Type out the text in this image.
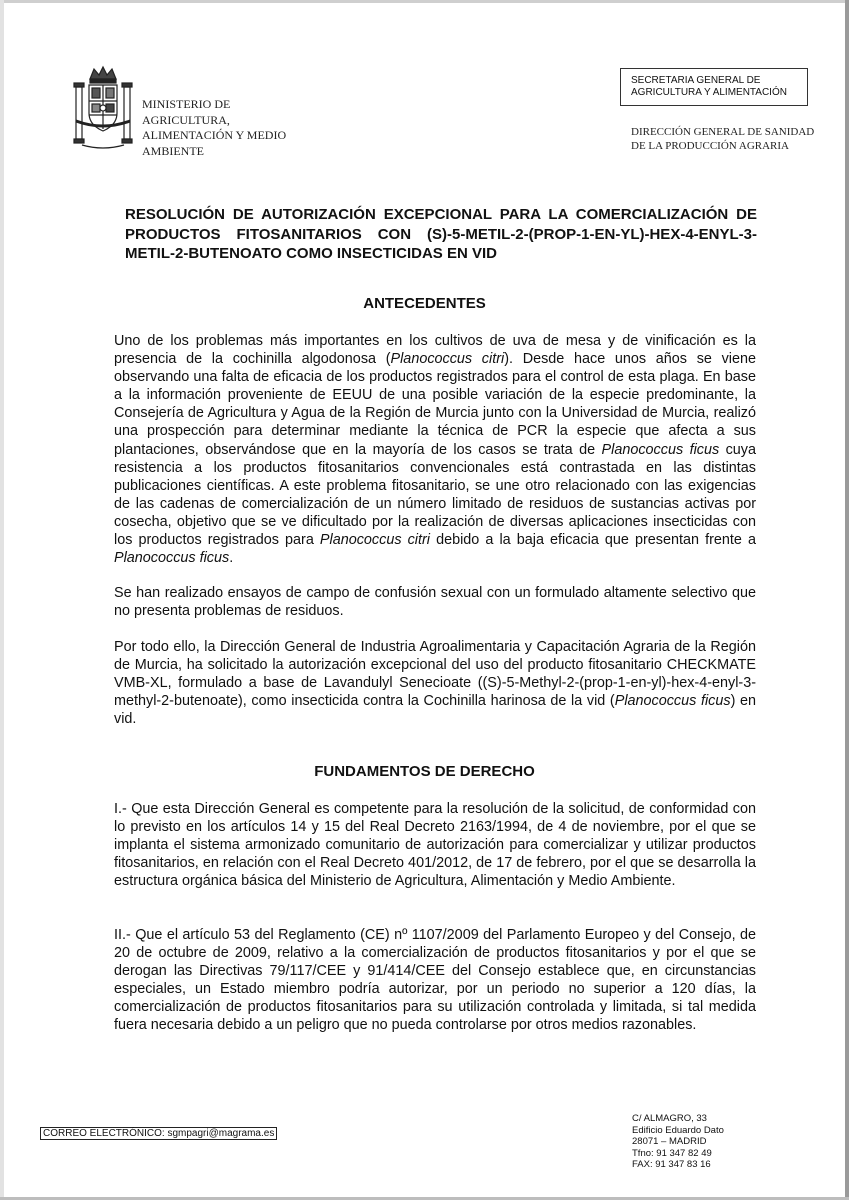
MINISTERIO DE
AGRICULTURA,
ALIMENTACIÓN Y MEDIO
AMBIENTE
SECRETARIA GENERAL DE
AGRICULTURA Y ALIMENTACIÓN
DIRECCIÓN GENERAL DE SANIDAD
DE LA PRODUCCIÓN AGRARIA
RESOLUCIÓN DE AUTORIZACIÓN EXCEPCIONAL PARA LA COMERCIALIZACIÓN DE PRODUCTOS FITOSANITARIOS CON (S)-5-METIL-2-(PROP-1-EN-YL)-HEX-4-ENYL-3-METIL-2-BUTENOATO COMO INSECTICIDAS EN VID
ANTECEDENTES
Uno de los problemas más importantes en los cultivos de uva de mesa y de vinificación es la presencia de la cochinilla algodonosa (Planococcus citri). Desde hace unos años se viene observando una falta de eficacia de los productos registrados para el control de esta plaga. En base a la información proveniente de EEUU de una posible variación de la especie predominante, la Consejería de Agricultura y Agua de la Región de Murcia junto con la Universidad de Murcia, realizó una prospección para determinar mediante la técnica de PCR la especie que afecta a sus plantaciones, observándose que en la mayoría de los casos se trata de Planococcus ficus cuya resistencia a los productos fitosanitarios convencionales está contrastada en las distintas publicaciones científicas. A este problema fitosanitario, se une otro relacionado con las exigencias de las cadenas de comercialización de un número limitado de residuos de sustancias activas por cosecha, objetivo que se ve dificultado por la realización de diversas aplicaciones insecticidas con los productos registrados para Planococcus citri debido a la baja eficacia que presentan frente a Planococcus ficus.
Se han realizado ensayos de campo de confusión sexual con un formulado altamente selectivo que no presenta problemas de residuos.
Por todo ello, la Dirección General de Industria Agroalimentaria y Capacitación Agraria de la Región de Murcia, ha solicitado la autorización excepcional del uso del producto fitosanitario CHECKMATE VMB-XL, formulado a base de Lavandulyl Senecioate ((S)-5-Methyl-2-(prop-1-en-yl)-hex-4-enyl-3-methyl-2-butenoate), como insecticida contra la Cochinilla harinosa de la vid (Planococcus ficus) en vid.
FUNDAMENTOS DE DERECHO
I.- Que esta Dirección General es competente para la resolución de la solicitud, de conformidad con lo previsto en los artículos 14 y 15 del Real Decreto 2163/1994, de 4 de noviembre, por el que se implanta el sistema armonizado comunitario de autorización para comercializar y utilizar productos fitosanitarios, en relación con el Real Decreto 401/2012, de 17 de febrero, por el que se desarrolla la estructura orgánica básica del Ministerio de Agricultura, Alimentación y Medio Ambiente.
II.- Que el artículo 53 del Reglamento (CE) nº 1107/2009 del Parlamento Europeo y del Consejo, de 20 de octubre de 2009, relativo a la comercialización de productos fitosanitarios y por el que se derogan las Directivas 79/117/CEE y 91/414/CEE del Consejo establece que, en circunstancias especiales, un Estado miembro podría autorizar, por un periodo no superior a 120 días, la comercialización de productos fitosanitarios para su utilización controlada y limitada, si tal medida fuera necesaria debido a un peligro que no pueda controlarse por otros medios razonables.
CORREO ELECTRÓNICO: sgmpagri@magrama.es
C/ ALMAGRO, 33
Edificio Eduardo Dato
28071 – MADRID
Tfno: 91 347 82 49
FAX: 91 347 83 16
